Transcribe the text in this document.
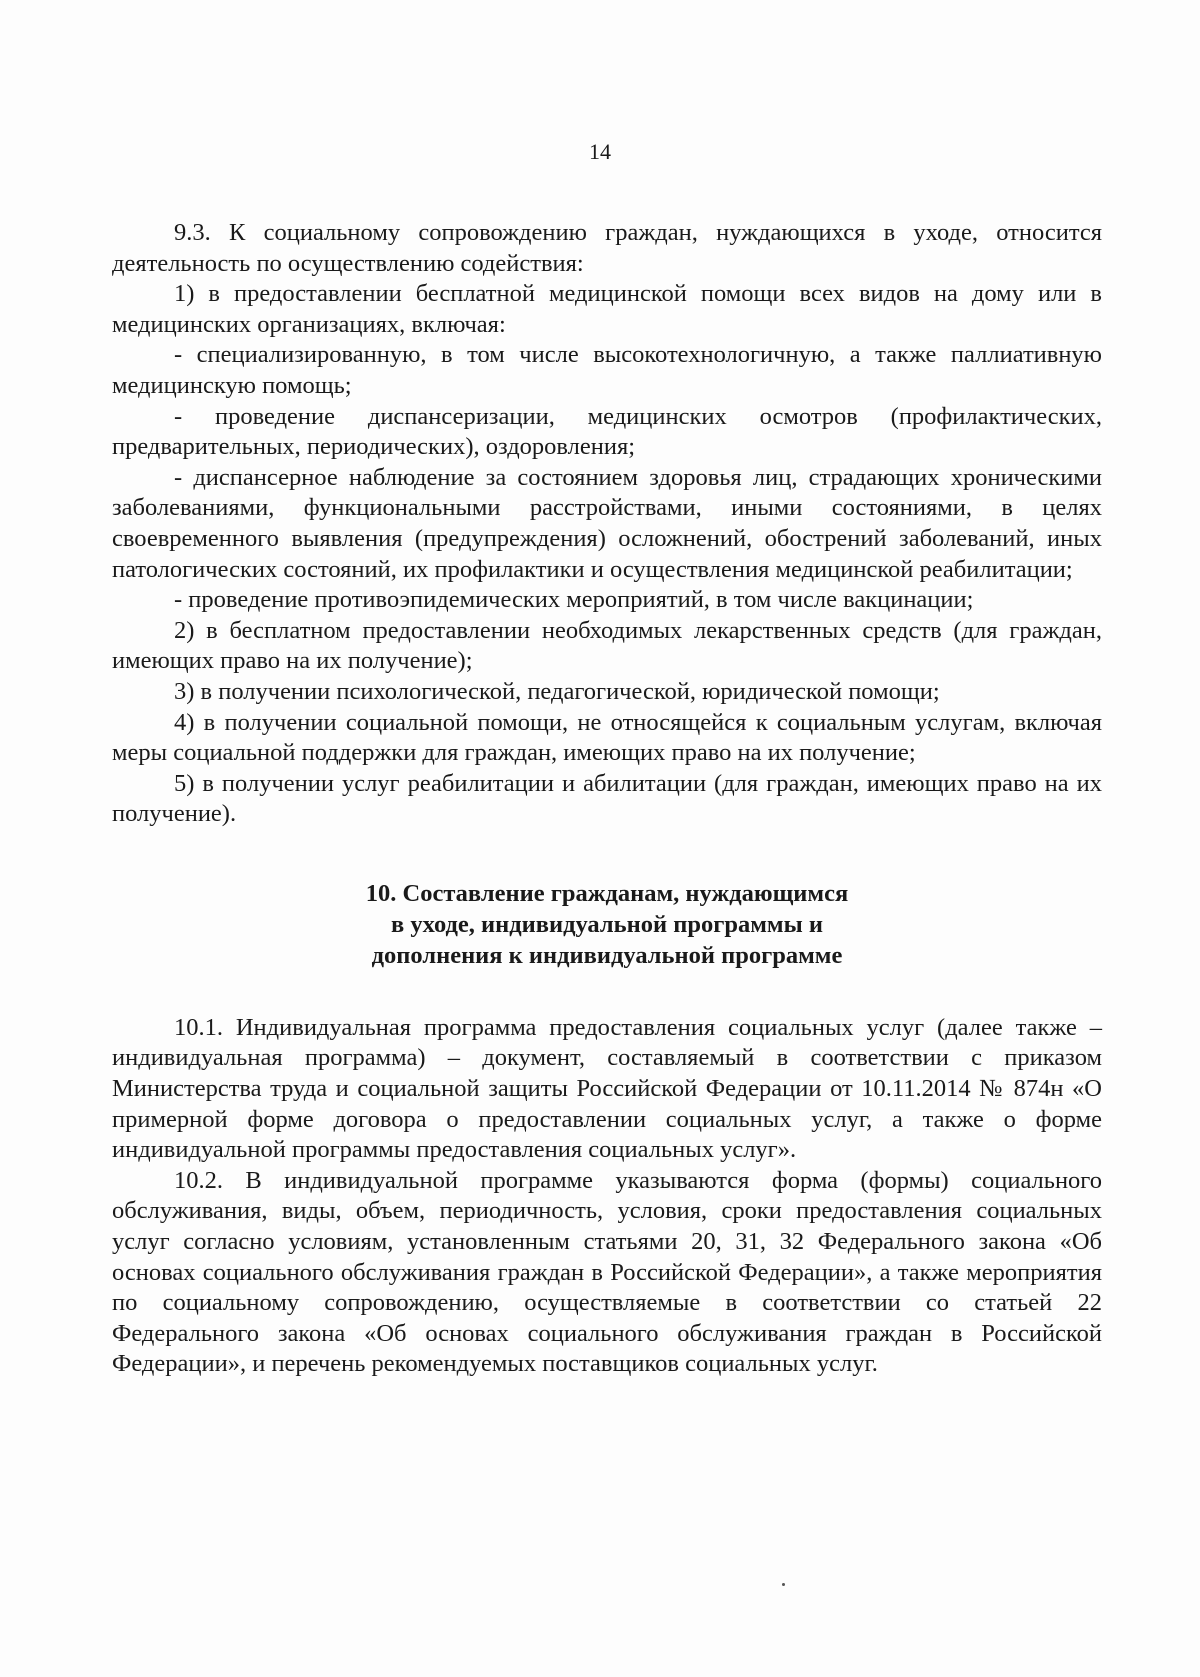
14

9.3. К социальному сопровождению граждан, нуждающихся в уходе, относится деятельность по осуществлению содействия:

1) в предоставлении бесплатной медицинской помощи всех видов на дому или в медицинских организациях, включая:

- специализированную, в том числе высокотехнологичную, а также паллиативную медицинскую помощь;

- проведение диспансеризации, медицинских осмотров (профилактических, предварительных, периодических), оздоровления;

- диспансерное наблюдение за состоянием здоровья лиц, страдающих хроническими заболеваниями, функциональными расстройствами, иными состояниями, в целях своевременного выявления (предупреждения) осложнений, обострений заболеваний, иных патологических состояний, их профилактики и осуществления медицинской реабилитации;

- проведение противоэпидемических мероприятий, в том числе вакцинации;

2) в бесплатном предоставлении необходимых лекарственных средств (для граждан, имеющих право на их получение);

3) в получении психологической, педагогической, юридической помощи;

4) в получении социальной помощи, не относящейся к социальным услугам, включая меры социальной поддержки для граждан, имеющих право на их получение;

5) в получении услуг реабилитации и абилитации (для граждан, имеющих право на их получение).

10. Составление гражданам, нуждающимся
в уходе, индивидуальной программы и
дополнения к индивидуальной программе

10.1. Индивидуальная программа предоставления социальных услуг (далее также – индивидуальная программа) – документ, составляемый в соответствии с приказом Министерства труда и социальной защиты Российской Федерации от 10.11.2014 № 874н «О примерной форме договора о предоставлении социальных услуг, а также о форме индивидуальной программы предоставления социальных услуг».

10.2. В индивидуальной программе указываются форма (формы) социального обслуживания, виды, объем, периодичность, условия, сроки предоставления социальных услуг согласно условиям, установленным статьями 20, 31, 32 Федерального закона «Об основах социального обслуживания граждан в Российской Федерации», а также мероприятия по социальному сопровождению, осуществляемые в соответствии со статьей 22 Федерального закона «Об основах социального обслуживания граждан в Российской Федерации», и перечень рекомендуемых поставщиков социальных услуг.
